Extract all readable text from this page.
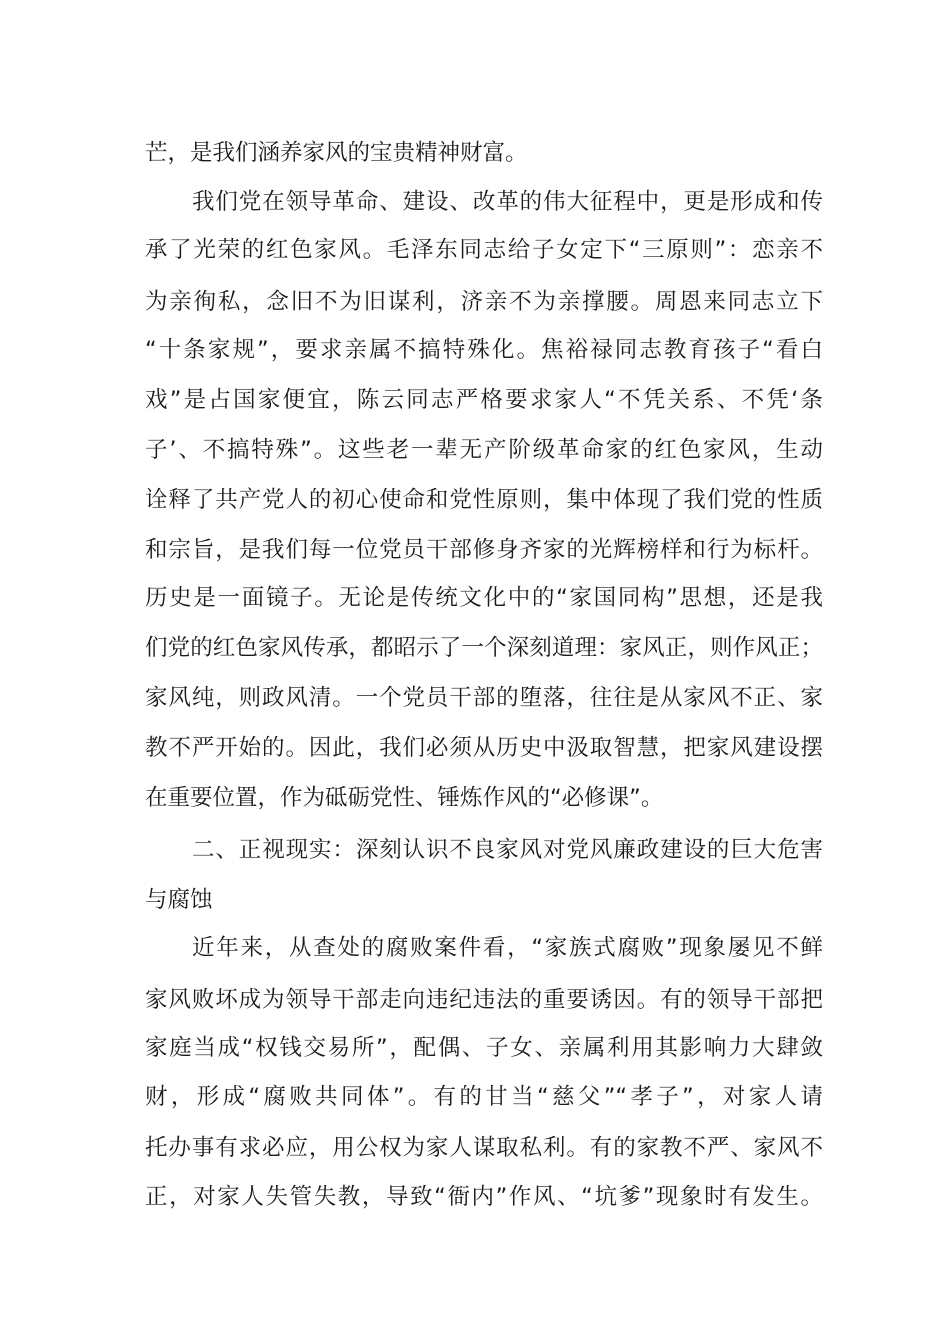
芒，是我们涵养家风的宝贵精神财富。
我们党在领导革命、建设、改革的伟大征程中，更是形成和传
承了光荣的红色家风。毛泽东同志给子女定下“三原则”：恋亲不
为亲徇私，念旧不为旧谋利，济亲不为亲撑腰。周恩来同志立下
“十条家规”，要求亲属不搞特殊化。焦裕禄同志教育孩子“看白
戏”是占国家便宜，陈云同志严格要求家人“不凭关系、不凭‘条
子’、不搞特殊”。这些老一辈无产阶级革命家的红色家风，生动
诠释了共产党人的初心使命和党性原则，集中体现了我们党的性质
和宗旨，是我们每一位党员干部修身齐家的光辉榜样和行为标杆。
历史是一面镜子。无论是传统文化中的“家国同构”思想，还是我
们党的红色家风传承，都昭示了一个深刻道理：家风正，则作风正；
家风纯，则政风清。一个党员干部的堕落，往往是从家风不正、家
教不严开始的。因此，我们必须从历史中汲取智慧，把家风建设摆
在重要位置，作为砥砺党性、锤炼作风的“必修课”。
二、正视现实：深刻认识不良家风对党风廉政建设的巨大危害
与腐蚀
近年来，从查处的腐败案件看，“家族式腐败”现象屡见不鲜
家风败坏成为领导干部走向违纪违法的重要诱因。有的领导干部把
家庭当成“权钱交易所”，配偶、子女、亲属利用其影响力大肆敛
财，形成“腐败共同体”。有的甘当“慈父”“孝子”，对家人请
托办事有求必应，用公权为家人谋取私利。有的家教不严、家风不
正，对家人失管失教，导致“衙内”作风、“坑爹”现象时有发生。
